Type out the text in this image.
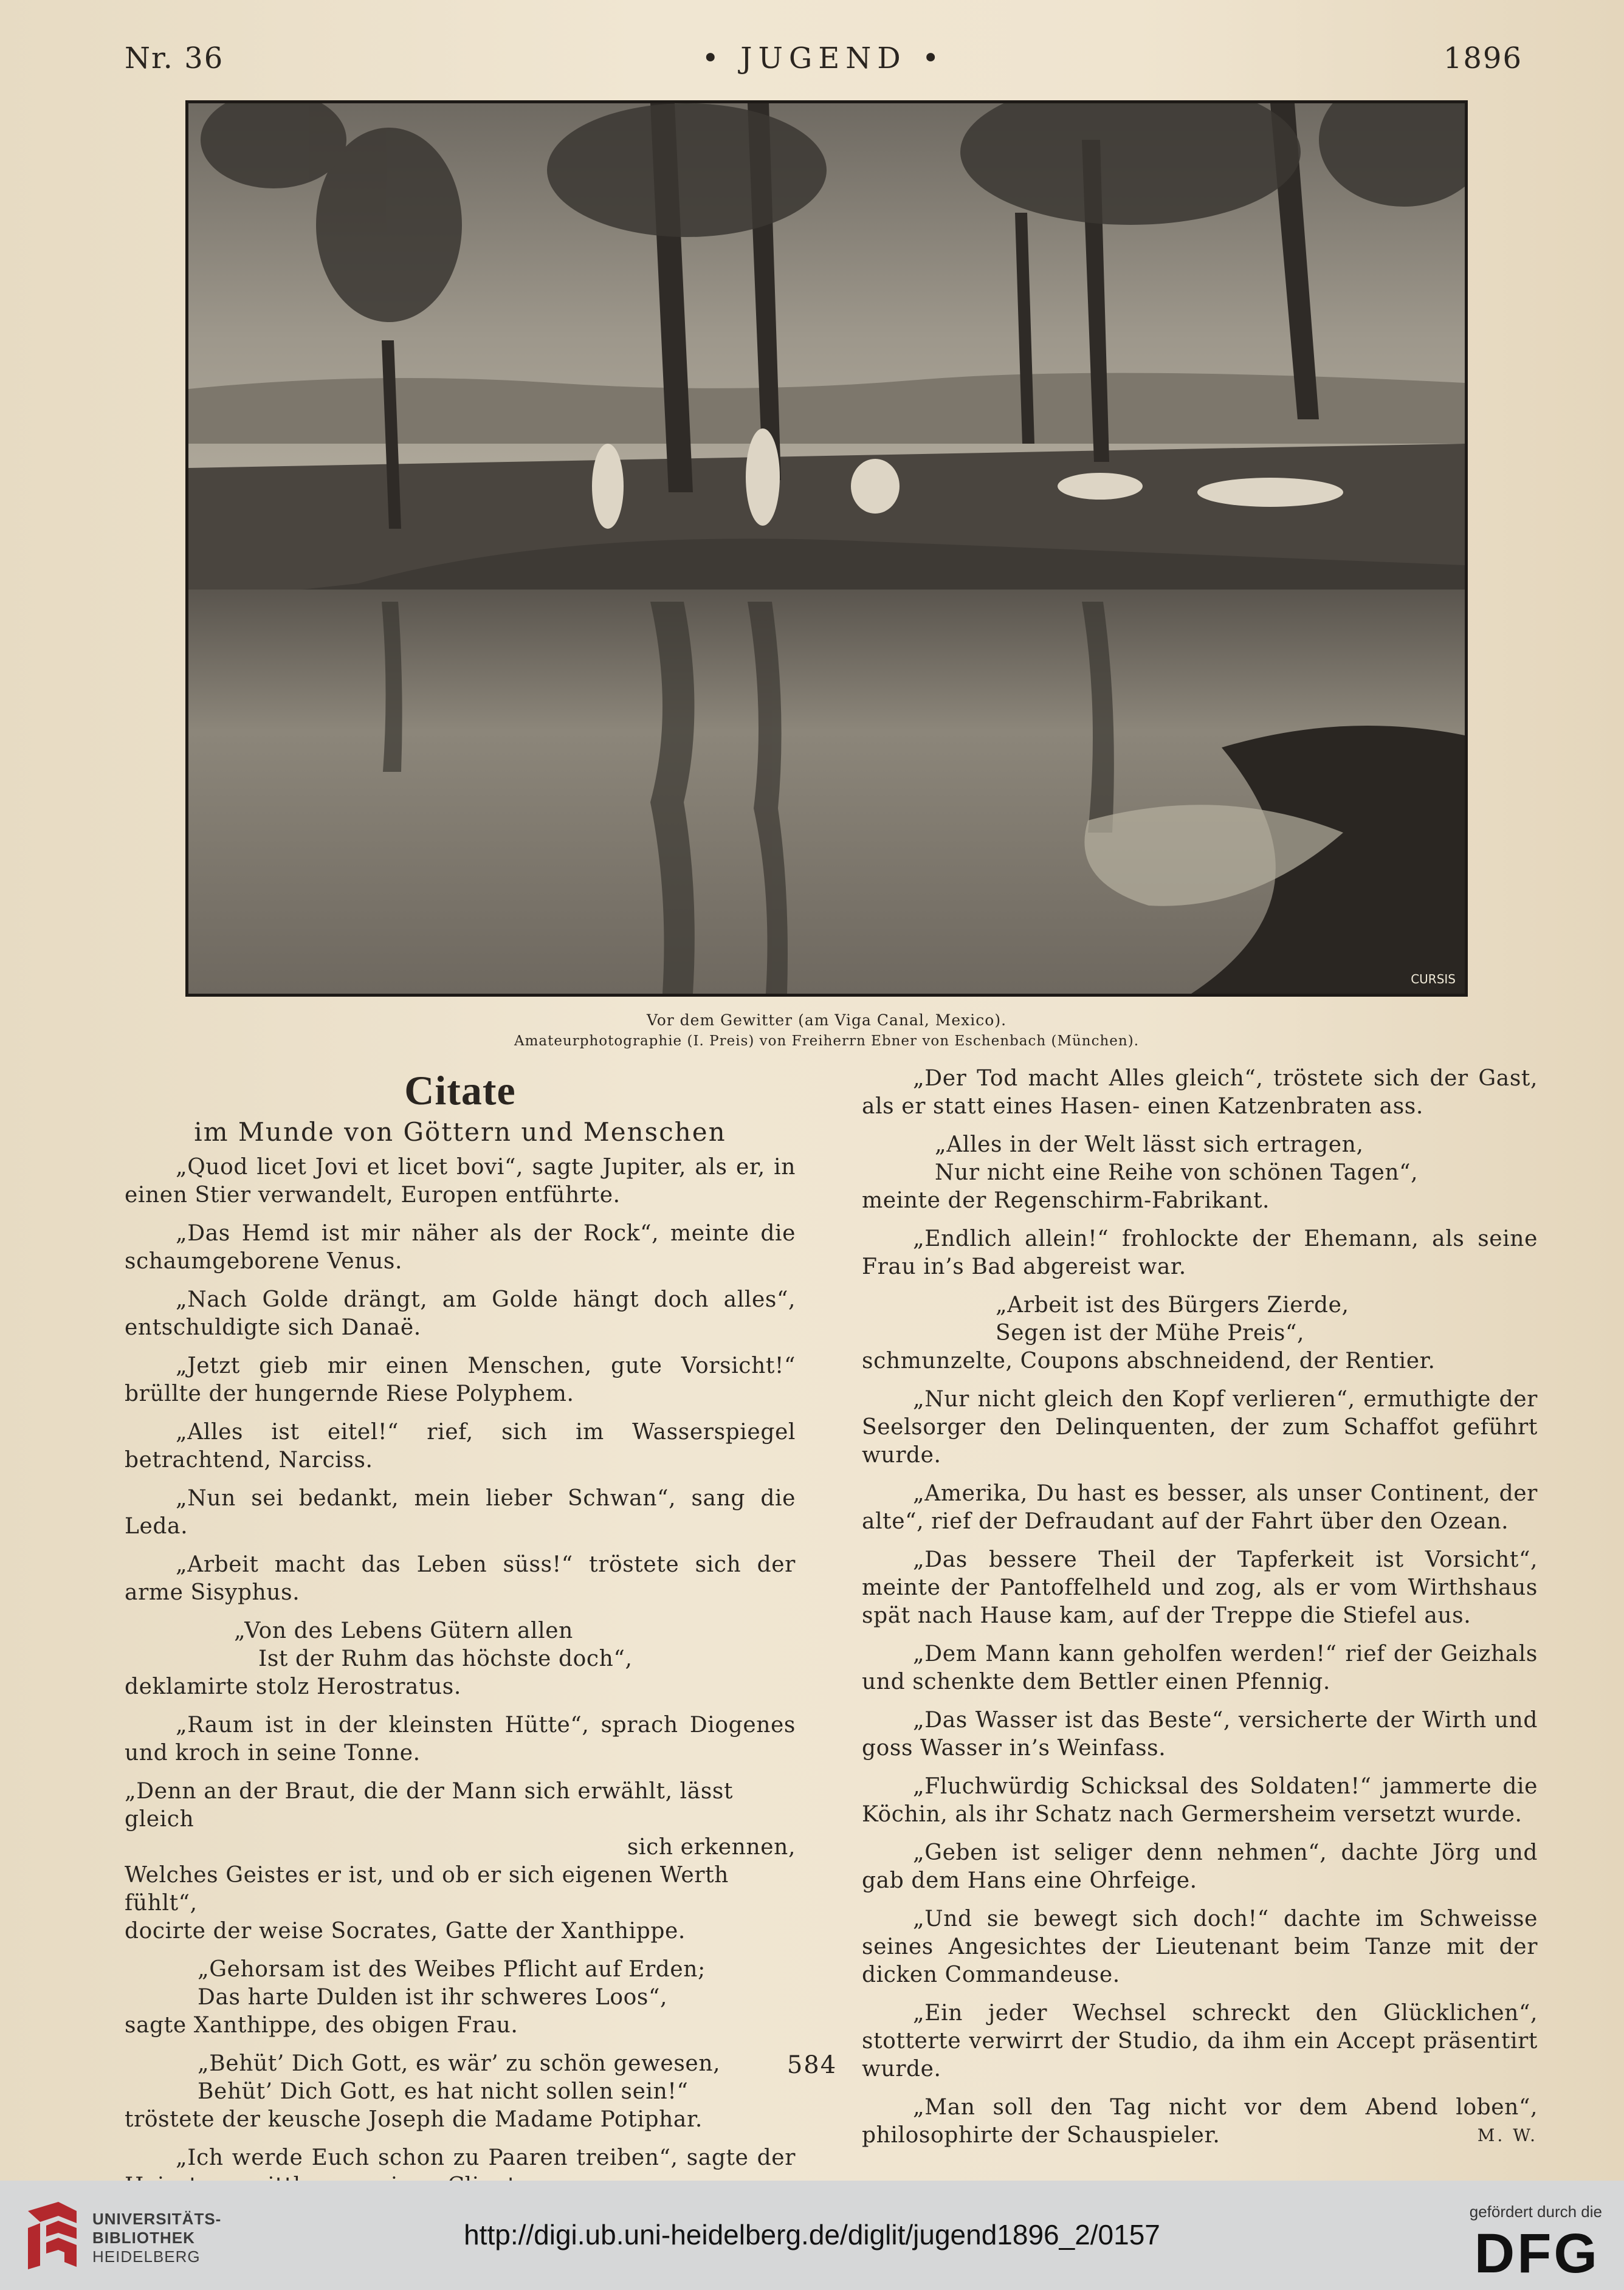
Nr. 36	• JUGEND •	1896
CURSIS
Vor dem Gewitter (am Viga Canal, Mexico).
Amateurphotographie (I. Preis) von Freiherrn Ebner von Eschenbach (München).
Citate
im Munde von Göttern und Menschen

„Quod licet Jovi et licet bovi“, sagte Jupiter, als er, in einen Stier verwandelt, Europen entführte.

„Das Hemd ist mir näher als der Rock“, meinte die schaumgeborene Venus.

„Nach Golde drängt, am Golde hängt doch alles“, entschuldigte sich Danaë.

„Jetzt gieb mir einen Menschen, gute Vorsicht!“ brüllte der hungernde Riese Polyphem.

„Alles ist eitel!“ rief, sich im Wasserspiegel betrachtend, Narciss.

„Nun sei bedankt, mein lieber Schwan“, sang die Leda.

„Arbeit macht das Leben süss!“ tröstete sich der arme Sisyphus.

„Von des Lebens Gütern allen
Ist der Ruhm das höchste doch“,
deklamirte stolz Herostratus.

„Raum ist in der kleinsten Hütte“, sprach Diogenes und kroch in seine Tonne.

„Denn an der Braut, die der Mann sich erwählt, lässt gleich
sich erkennen,
Welches Geistes er ist, und ob er sich eigenen Werth fühlt“,
docirte der weise Socrates, Gatte der Xanthippe.
„Gehorsam ist des Weibes Pflicht auf Erden;
Das harte Dulden ist ihr schweres Loos“,
sagte Xanthippe, des obigen Frau.
„Behüt’ Dich Gott, es wär’ zu schön gewesen,
Behüt’ Dich Gott, es hat nicht sollen sein!“
tröstete der keusche Joseph die Madame Potiphar.

„Ich werde Euch schon zu Paaren treiben“, sagte der

„Der Tod macht Alles gleich“, tröstete sich der Gast, als er statt eines Hasen- einen Katzenbraten ass.

„Alles in der Welt lässt sich ertragen,
Nur nicht eine Reihe von schönen Tagen“,
meinte der Regenschirm-Fabrikant.

„Endlich allein!“ frohlockte der Ehemann, als seine Frau in’s Bad abgereist war.

„Arbeit ist des Bürgers Zierde,
Segen ist der Mühe Preis“,
schmunzelte, Coupons abschneidend, der Rentier.

„Nur nicht gleich den Kopf verlieren“, ermuthigte der Seelsorger den Delinquenten, der zum Schaffot geführt wurde.

„Amerika, Du hast es besser, als unser Continent, der alte“, rief der Defraudant auf der Fahrt über den Ozean.

„Das bessere Theil der Tapferkeit ist Vorsicht“, meinte der Pantoffelheld und zog, als er vom Wirthshaus spät nach Hause kam, auf der Treppe die Stiefel aus.

„Dem Mann kann geholfen werden!“ rief der Geizhals und schenkte dem Bettler einen Pfennig.

„Das Wasser ist das Beste“, versicherte der Wirth und goss Wasser in’s Weinfass.

„Fluchwürdig Schicksal des Soldaten!“ jammerte die Köchin, als ihr Schatz nach Germersheim versetzt wurde.

„Geben ist seliger denn nehmen“, dachte Jörg und gab dem Hans eine Ohrfeige.

„Und sie bewegt sich doch!“ dachte im Schweisse seines Angesichtes der Lieutenant beim Tanze mit der dicken Commandeuse.

„Ein jeder Wechsel schreckt den Glücklichen“, stotterte verwirrt der Studio, da ihm ein Accept präsentirt wurde.

„Man soll den Tag nicht vor dem Abend loben“, philosophirte der Schauspieler.	M. W.

584
UNIVERSITÄTS-
BIBLIOTHEK
HEIDELBERG
http://digi.ub.uni-heidelberg.de/diglit/jugend1896_2/0157
gefördert durch die
DFG
